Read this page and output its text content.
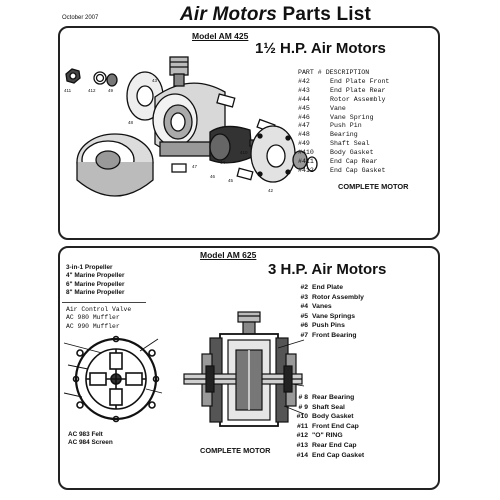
October 2007	Air Motors Parts List
Model AM 425
1½ H.P. Air Motors
411	412	49
48
47
46
45
44
43
42
410
PART # DESCRIPTION
#42	End Plate Front
#43	End Plate Rear
#44	Rotor Assembly
#45	Vane
#46	Vane Spring
#47	Push Pin
#48	Bearing
#49	Shaft Seal
#410 Body Gasket
#411 End Cap Rear
#412 End Cap Gasket
COMPLETE MOTOR
Model AM 625
3 H.P. Air Motors
3-in-1 Propeller
4" Marine Propeller
6" Marine Propeller
8" Marine Propeller
Air Control Valve
AC 980 Muffler
AC 990 Muffler
AC 983 Felt
AC 984 Screen
COMPLETE MOTOR
#2 End Plate
#3 Rotor Assembly
#4 Vanes
#5 Vane Springs
#6 Push Pins
#7 Front Bearing
# 8 Rear Bearing
# 9 Shaft Seal
#10 Body Gasket
#11 Front End Cap
#12 "O" RING
#13 Rear End Cap
#14 End Cap Gasket
